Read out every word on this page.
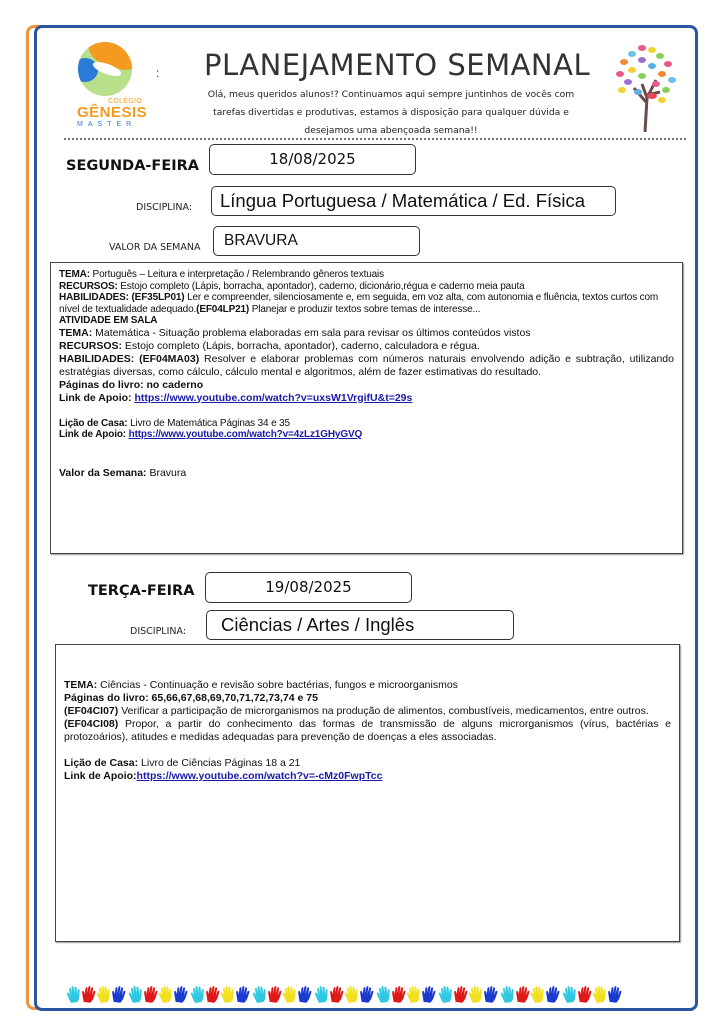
COLÉGIO
GÊNESIS
MASTER
: PLANEJAMENTO SEMANAL
Olá, meus queridos alunos!? Continuamos aqui sempre juntinhos de vocês com
tarefas divertidas e produtivas, estamos à disposição para qualquer dúvida e
desejamos uma abençoada semana!!
SEGUNDA-FEIRA	18/08/2025
DISCIPLINA:	Língua Portuguesa / Matemática / Ed. Física
VALOR DA SEMANA	BRAVURA

TEMA: Português – Leitura e interpretação / Relembrando gêneros textuais

RECURSOS: Estojo completo (Lápis, borracha, apontador), caderno, dicionário,régua e caderno meia pauta

HABILIDADES: (EF35LP01) Ler e compreender, silenciosamente e, em seguida, em voz alta, com autonomia e fluência, textos curtos com nível de textualidade adequado.(EF04LP21) Planejar e produzir textos sobre temas de interesse...

ATIVIDADE EM SALA

TEMA: Matemática - Situação problema elaboradas em sala para revisar os últimos conteúdos vistos

RECURSOS: Estojo completo (Lápis, borracha, apontador), caderno, calculadora e régua.

HABILIDADES: (EF04MA03) Resolver e elaborar problemas com números naturais envolvendo adição e subtração, utilizando estratégias diversas, como cálculo, cálculo mental e algoritmos, além de fazer estimativas do resultado.

Páginas do livro: no caderno

Link de Apoio: https://www.youtube.com/watch?v=uxsW1VrgifU&t=29s

Lição de Casa: Livro de Matemática Páginas 34 e 35

Link de Apoio: https://www.youtube.com/watch?v=4zLz1GHyGVQ

Valor da Semana: Bravura

TERÇA-FEIRA	19/08/2025
DISCIPLINA:	Ciências / Artes / Inglês

TEMA: Ciências - Continuação e revisão sobre bactérias, fungos e microorganismos

Páginas do livro: 65,66,67,68,69,70,71,72,73,74 e 75

(EF04CI07) Verificar a participação de microrganismos na produção de alimentos, combustíveis, medicamentos, entre outros.

(EF04CI08) Propor, a partir do conhecimento das formas de transmissão de alguns microrganismos (vírus, bactérias e protozoários), atitudes e medidas adequadas para prevenção de doenças a eles associadas.

Lição de Casa: Livro de Ciências Páginas 18 a 21

Link de Apoio:https://www.youtube.com/watch?v=-cMz0FwpTcc
